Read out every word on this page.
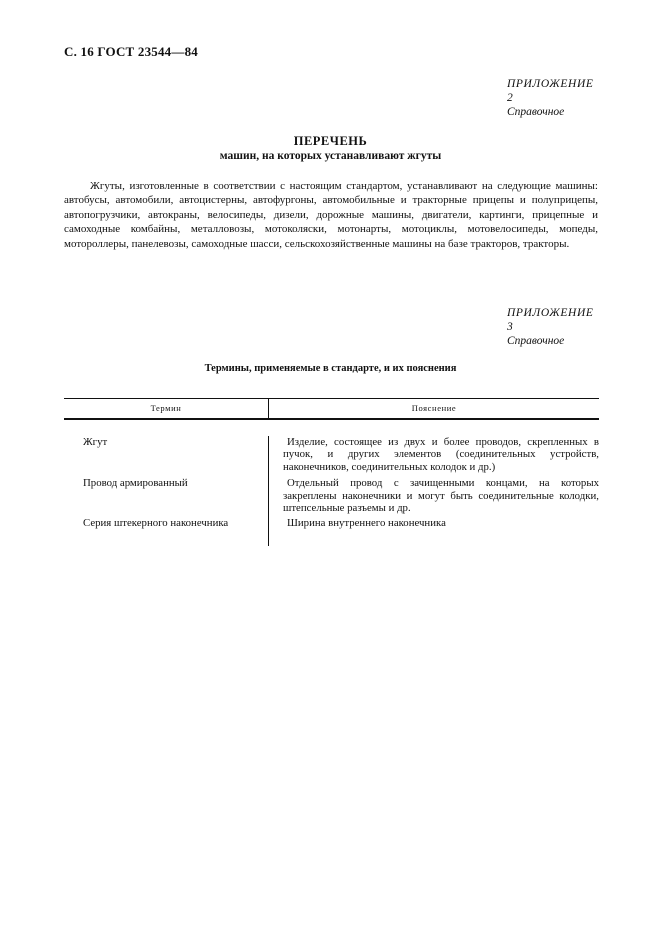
С. 16 ГОСТ 23544—84
ПРИЛОЖЕНИЕ 2
Справочное
ПЕРЕЧЕНЬ
машин, на которых устанавливают жгуты
Жгуты, изготовленные в соответствии с настоящим стандартом, устанавливают на следующие машины: автобусы, автомобили, автоцистерны, автофургоны, автомобильные и тракторные прицепы и полуприцепы, автопогрузчики, автокраны, велосипеды, дизели, дорожные машины, двигатели, картинги, прицепные и самоходные комбайны, металловозы, мотоколяски, мотонарты, мотоциклы, мотовелосипеды, мопеды, мотороллеры, панелевозы, самоходные шасси, сельскохозяйственные машины на базе тракторов, тракторы.
ПРИЛОЖЕНИЕ 3
Справочное
Термины, применяемые в стандарте, и их пояснения
Термин	Пояснение
Жгут	Изделие, состоящее из двух и более проводов, скрепленных в пучок, и других элементов (соединительных устройств, наконечников, соединительных колодок и др.)
Провод армированный	Отдельный провод с зачищенными концами, на которых закреплены наконечники и могут быть соединительные колодки, штепсельные разъемы и др.
Серия штекерного наконечника	Ширина внутреннего наконечника
